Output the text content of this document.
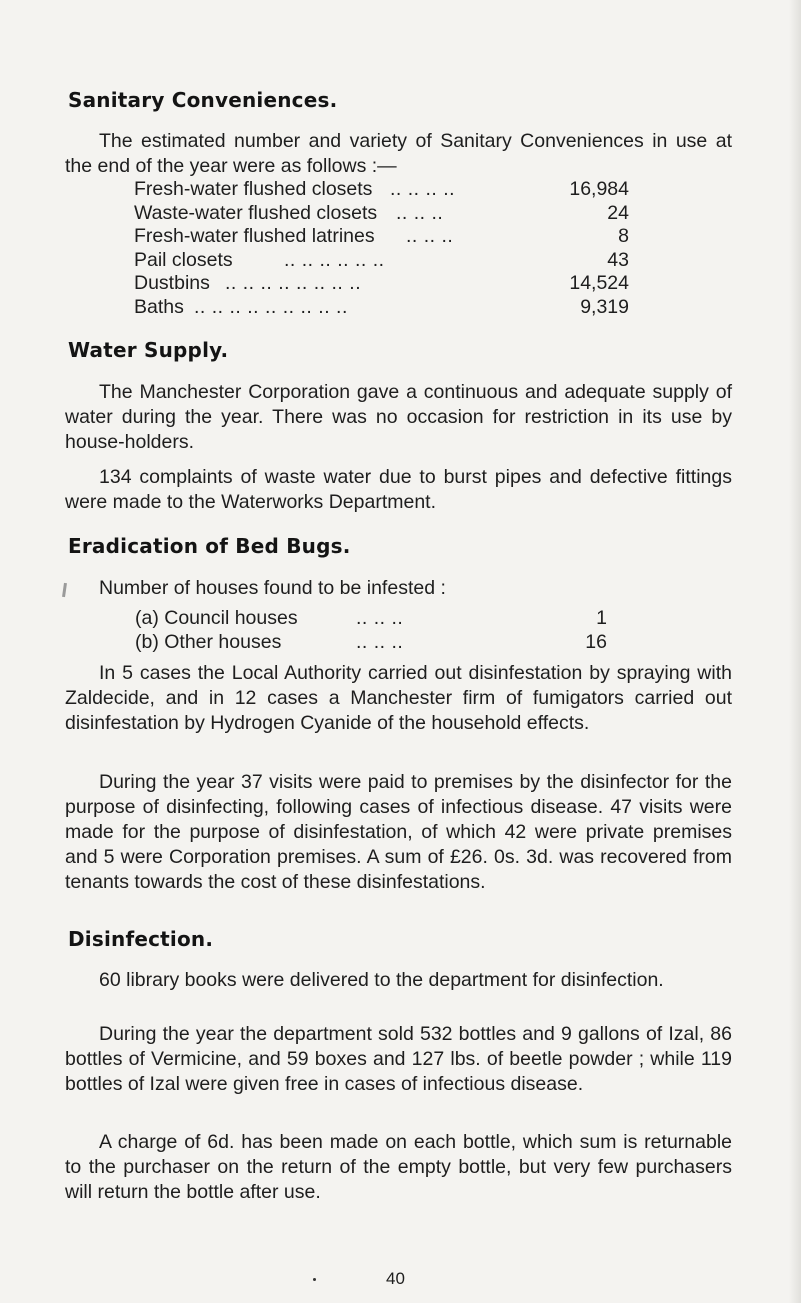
Sanitary Conveniences.

The estimated number and variety of Sanitary Conveniences in use at the end of the year were as follows :—

Fresh-water flushed closets .. .. .. ..	16,984
Waste-water flushed closets .. .. ..	24
Fresh-water flushed latrines .. .. ..	8
Pail closets	.. .. .. .. .. ..	43
Dustbins .. .. .. .. .. .. .. ..	14,524
Baths .. .. .. .. .. .. .. .. ..	9,319
Water Supply.

The Manchester Corporation gave a continuous and adequate supply of water during the year. There was no occasion for restriction in its use by house-holders.

134 complaints of waste water due to burst pipes and defective fittings were made to the Waterworks Department.

Eradication of Bed Bugs.

Number of houses found to be infested :

(a) Council houses	.. .. ..	1
(b) Other houses	.. .. ..	16

In 5 cases the Local Authority carried out disinfestation by spraying with Zaldecide, and in 12 cases a Manchester firm of fumigators carried out disinfestation by Hydrogen Cyanide of the household effects.

During the year 37 visits were paid to premises by the disinfector for the purpose of disinfecting, following cases of infectious disease. 47 visits were made for the purpose of disinfestation, of which 42 were private premises and 5 were Corporation premises. A sum of £26. 0s. 3d. was recovered from tenants towards the cost of these disinfestations.

Disinfection.

60 library books were delivered to the department for disinfection.

During the year the department sold 532 bottles and 9 gallons of Izal, 86 bottles of Vermicine, and 59 boxes and 127 lbs. of beetle powder ; while 119 bottles of Izal were given free in cases of infectious disease.

A charge of 6d. has been made on each bottle, which sum is returnable to the purchaser on the return of the empty bottle, but very few purchasers will return the bottle after use.

40
